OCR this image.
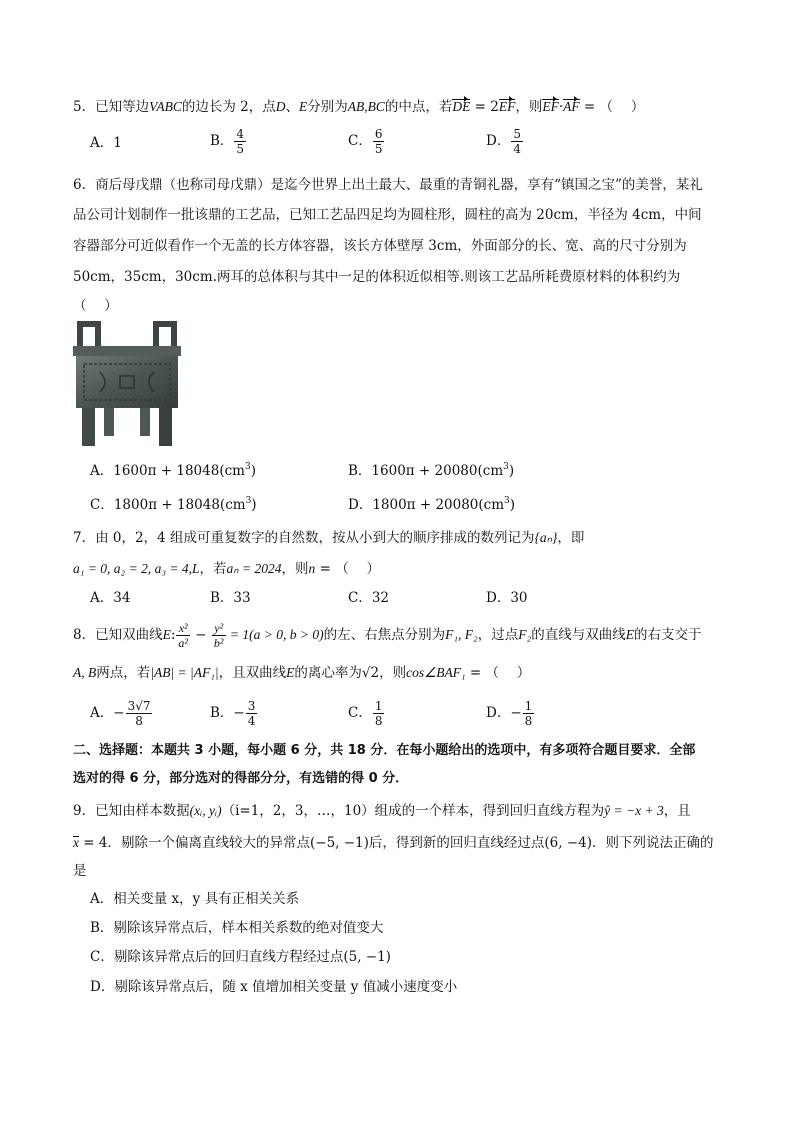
5．已知等边VABC的边长为 2，点D、E分别为AB,BC的中点，若DE = 2EF，则EF·AF = （　 ）
A．1	B． $\frac{4}{5}$	C． $\frac{6}{5}$	D． $\frac{5}{4}$
6．商后母戊鼎（也称司母戊鼎）是迄今世界上出土最大、最重的青铜礼器，享有“镇国之宝”的美誉，某礼
品公司计划制作一批该鼎的工艺品，已知工艺品四足均为圆柱形，圆柱的高为 20cm，半径为 4cm，中间
容器部分可近似看作一个无盖的长方体容器，该长方体壁厚 3cm，外面部分的长、宽、高的尺寸分别为
50cm，35cm，30cm.两耳的总体积与其中一足的体积近似相等.则该工艺品所耗费原材料的体积约为
（　 ）
A．$1600\pi + 18048(cm^3)$	B．$1600\pi + 20080(cm^3)$
C．$1800\pi + 18048(cm^3)$	D．$1800\pi + 20080(cm^3)$
7．由 0，2，4 组成可重复数字的自然数，按从小到大的顺序排成的数列记为{aₙ}，即
a₁ = 0, a₂ = 2, a₃ = 4,L，若aₙ = 2024，则n = （　 ）
A．34	B．33	C．32	D．30
8．已知双曲线E: $\frac{\text{x²}}{\text{a²}} - \frac{\text{y²}}{\text{b²}} = 1(a > 0$, b > 0)的左、右焦点分别为F₁, F₂，过点F₂的直线与双曲线E的右支交于
A, B两点，若|AB| = |AF₁|，且双曲线E的离心率为√2，则cos∠BAF₁ = （　 ）
A．− $\frac{3√7}{8}$	B．− $\frac{3}{4}$	C． $\frac{1}{8}$	D．− $\frac{1}{8}$
二、选择题：本题共 3 小题，每小题 6 分，共 18 分．在每小题给出的选项中，有多项符合题目要求．全部
选对的得 6 分，部分选对的得部分分，有选错的得 0 分．
9．已知由样本数据(xᵢ, yᵢ)（i=1，2，3，…，10）组成的一个样本，得到回归直线方程为ŷ = −x + 3，且
x = 4．剔除一个偏离直线较大的异常点(−5, −1)后，得到新的回归直线经过点(6, −4)．则下列说法正确的
是
A．相关变量 x，y 具有正相关关系
B．剔除该异常点后，样本相关系数的绝对值变大
C．剔除该异常点后的回归直线方程经过点(5, −1)
D．剔除该异常点后，随 x 值增加相关变量 y 值减小速度变小
